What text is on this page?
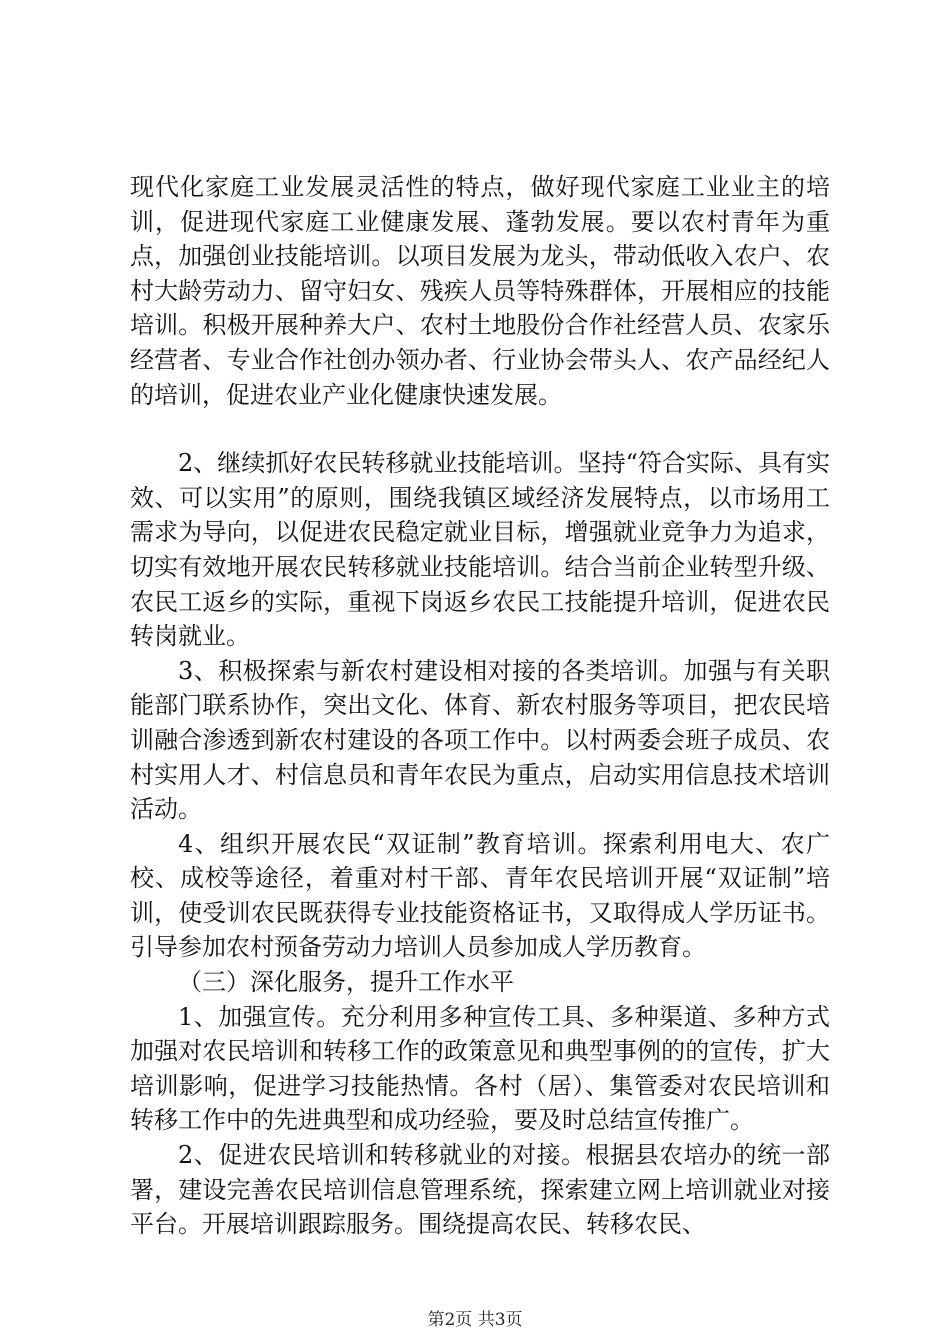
现代化家庭工业发展灵活性的特点，做好现代家庭工业业主的培训，促进现代家庭工业健康发展、蓬勃发展。要以农村青年为重点，加强创业技能培训。以项目发展为龙头，带动低收入农户、农村大龄劳动力、留守妇女、残疾人员等特殊群体，开展相应的技能培训。积极开展种养大户、农村土地股份合作社经营人员、农家乐经营者、专业合作社创办领办者、行业协会带头人、农产品经纪人的培训，促进农业产业化健康快速发展。

2、继续抓好农民转移就业技能培训。坚持“符合实际、具有实效、可以实用”的原则，围绕我镇区域经济发展特点，以市场用工需求为导向，以促进农民稳定就业目标，增强就业竞争力为追求，切实有效地开展农民转移就业技能培训。结合当前企业转型升级、农民工返乡的实际，重视下岗返乡农民工技能提升培训，促进农民转岗就业。

3、积极探索与新农村建设相对接的各类培训。加强与有关职能部门联系协作，突出文化、体育、新农村服务等项目，把农民培训融合渗透到新农村建设的各项工作中。以村两委会班子成员、农村实用人才、村信息员和青年农民为重点，启动实用信息技术培训活动。

4、组织开展农民“双证制”教育培训。探索利用电大、农广校、成校等途径，着重对村干部、青年农民培训开展“双证制”培训，使受训农民既获得专业技能资格证书，又取得成人学历证书。引导参加农村预备劳动力培训人员参加成人学历教育。

（三）深化服务，提升工作水平

1、加强宣传。充分利用多种宣传工具、多种渠道、多种方式加强对农民培训和转移工作的政策意见和典型事例的的宣传，扩大培训影响，促进学习技能热情。各村（居）、集管委对农民培训和转移工作中的先进典型和成功经验，要及时总结宣传推广。

2、促进农民培训和转移就业的对接。根据县农培办的统一部署，建设完善农民培训信息管理系统，探索建立网上培训就业对接平台。开展培训跟踪服务。围绕提高农民、转移农民、

第2页 共3页
